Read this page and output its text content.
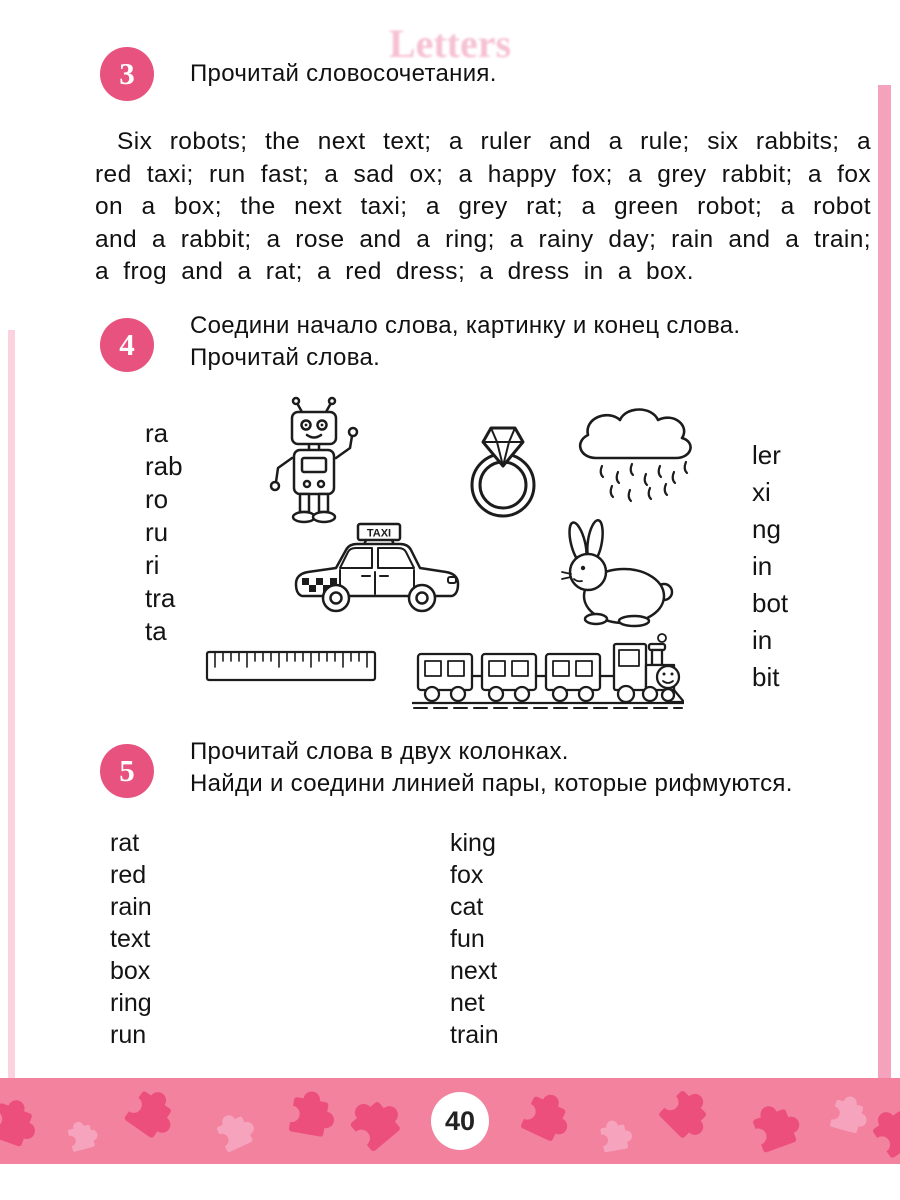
Letters
3	Прочитай словосочетания.
Six robots; the next text; a ruler and a rule; six rabbits; a red taxi; run fast; a sad ox; a happy fox; a grey rabbit; a fox on a box; the next taxi; a grey rat; a green robot; a robot and a rabbit; a rose and a ring; a rainy day; rain and a train; a frog and a rat; a red dress; a dress in a box.
4
Соедини начало слова, картинку и конец слова.
Прочитай слова.
ra
rab
ro
ru
ri
tra
ta
ler
xi
ng
in
bot
in
bit
TAXI
5
Прочитай слова в двух колонках.
Найди и соедини линией пары, которые рифмуются.
rat
red
rain
text
box
ring
run
king
fox
cat
fun
next
net
train
40
